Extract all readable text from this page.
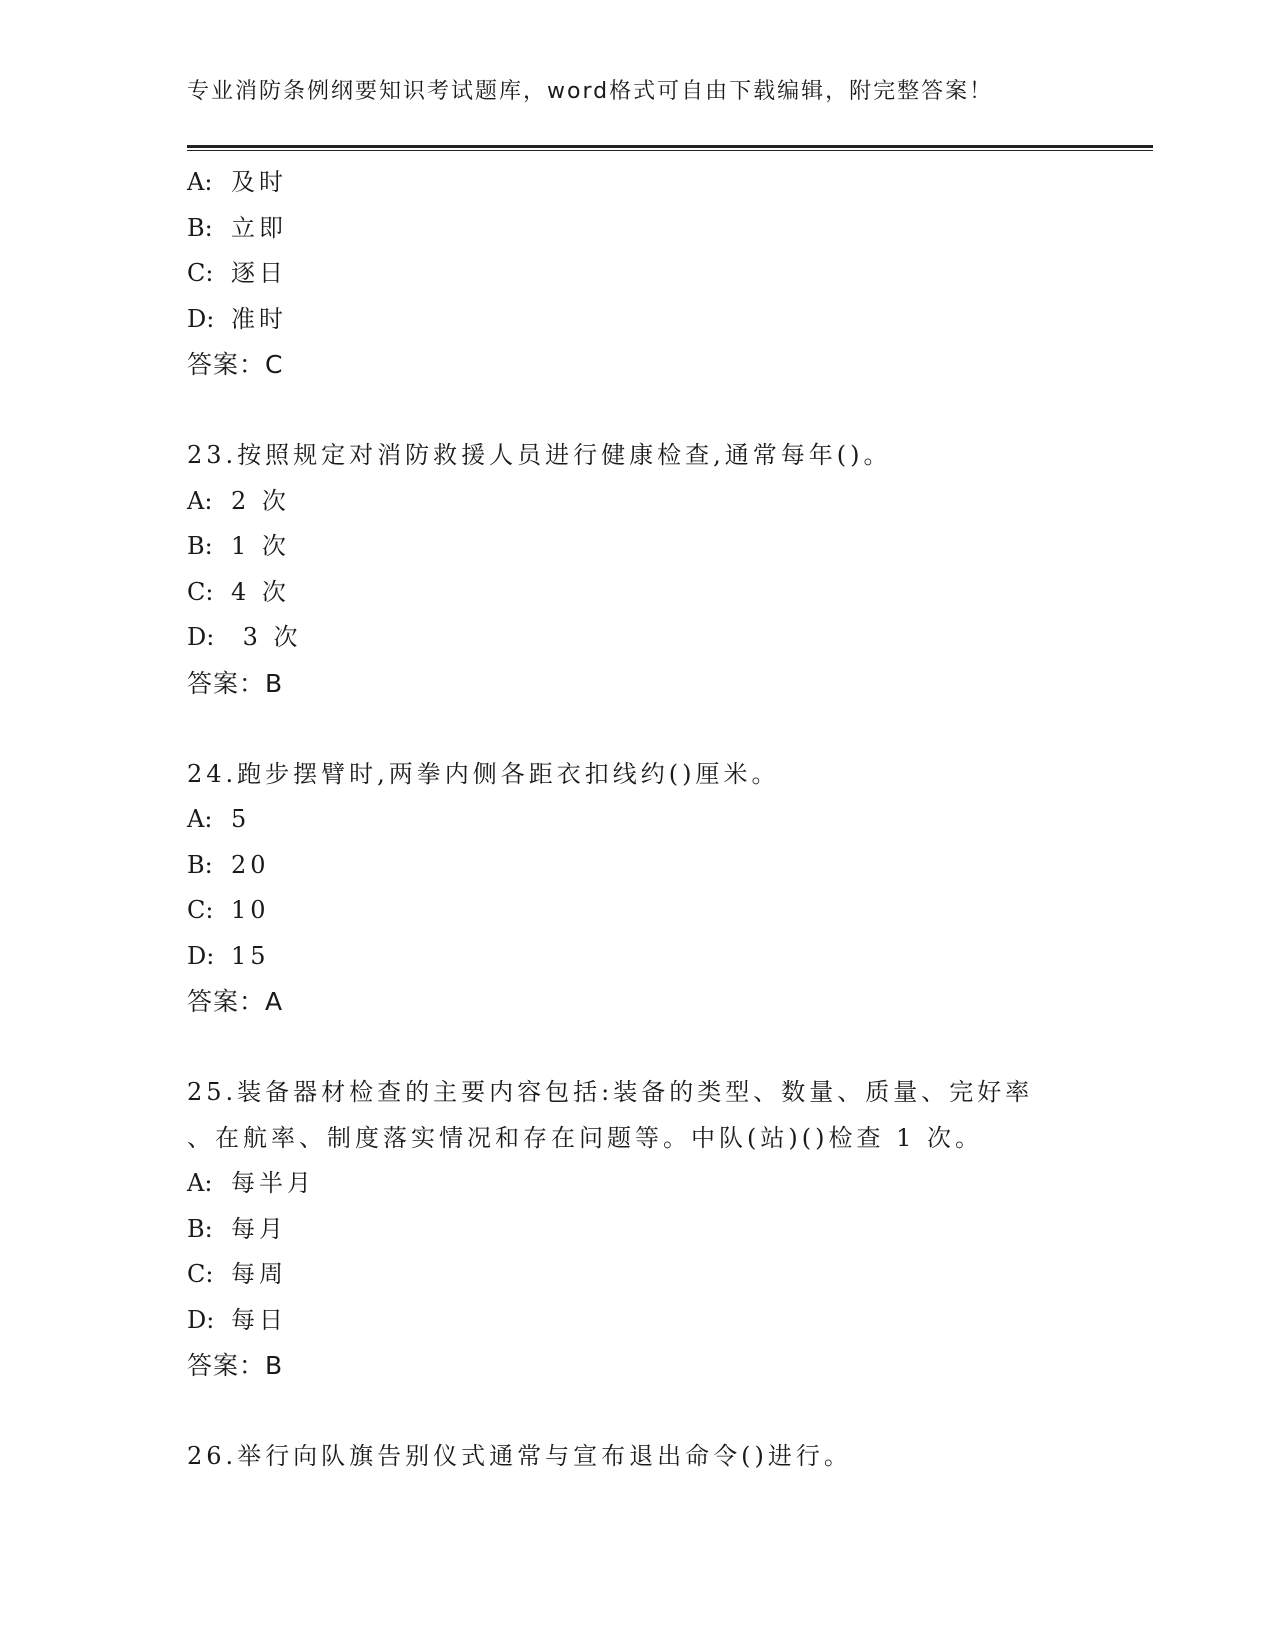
专业消防条例纲要知识考试题库，word格式可自由下载编辑，附完整答案！
A: 及时
B: 立即
C: 逐日
D: 准时
答案：C
23.按照规定对消防救援人员进行健康检查,通常每年()。
A: 2 次
B: 1 次
C: 4 次
D: 3 次
答案：B
24.跑步摆臂时,两拳内侧各距衣扣线约()厘米。
A: 5
B: 20
C: 10
D: 15
答案：A
25.装备器材检查的主要内容包括:装备的类型、数量、质量、完好率
、在航率、制度落实情况和存在问题等。中队(站)()检查 1 次。
A: 每半月
B: 每月
C: 每周
D: 每日
答案：B
26.举行向队旗告别仪式通常与宣布退出命令()进行。
